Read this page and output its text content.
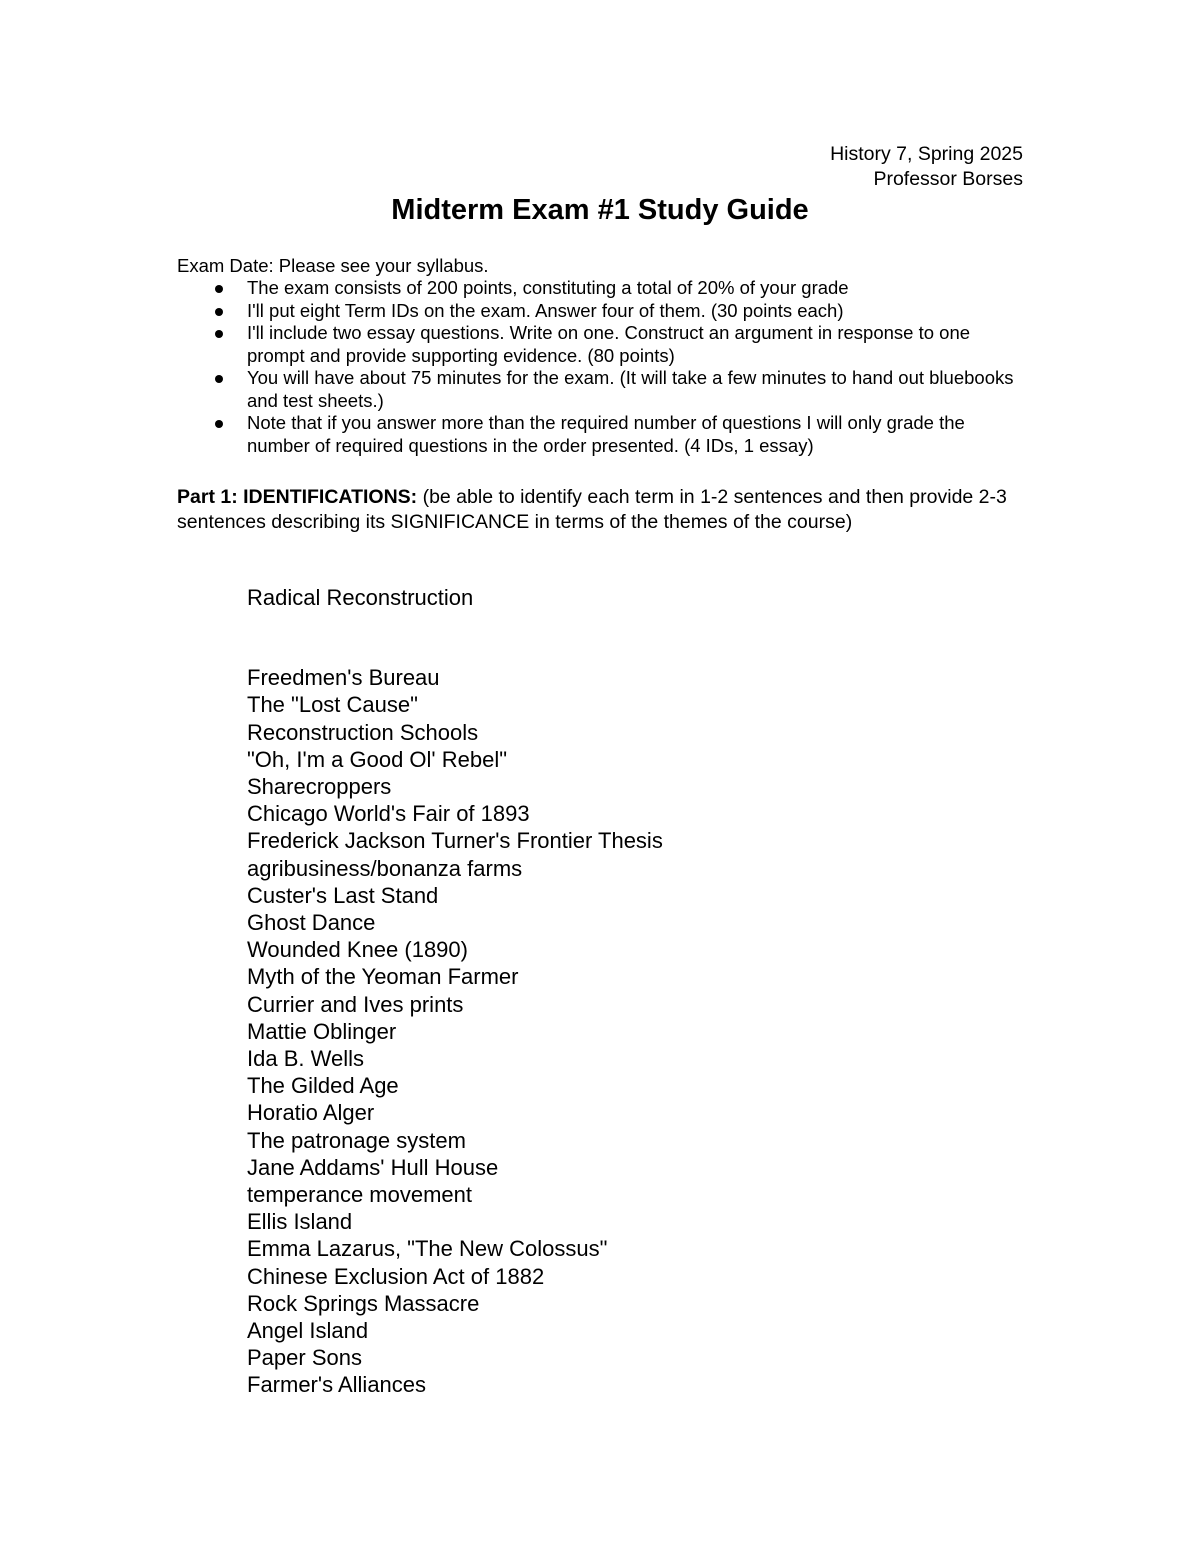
History 7, Spring 2025
Professor Borses
Midterm Exam #1 Study Guide
Exam Date: Please see your syllabus.
The exam consists of 200 points, constituting a total of 20% of your grade
I'll put eight Term IDs on the exam. Answer four of them. (30 points each)
I'll include two essay questions. Write on one. Construct an argument in response to one prompt and provide supporting evidence. (80 points)
You will have about 75 minutes for the exam. (It will take a few minutes to hand out bluebooks and test sheets.)
Note that if you answer more than the required number of questions I will only grade the number of required questions in the order presented. (4 IDs, 1 essay)

Part 1: IDENTIFICATIONS: (be able to identify each term in 1-2 sentences and then provide 2-3 sentences describing its SIGNIFICANCE in terms of the themes of the course)

Radical Reconstruction
Freedmen's Bureau
The "Lost Cause"
Reconstruction Schools
"Oh, I'm a Good Ol' Rebel"
Sharecroppers
Chicago World's Fair of 1893
Frederick Jackson Turner's Frontier Thesis
agribusiness/bonanza farms
Custer's Last Stand
Ghost Dance
Wounded Knee (1890)
Myth of the Yeoman Farmer
Currier and Ives prints
Mattie Oblinger
Ida B. Wells
The Gilded Age
Horatio Alger
The patronage system
Jane Addams' Hull House
temperance movement
Ellis Island
Emma Lazarus, "The New Colossus"
Chinese Exclusion Act of 1882
Rock Springs Massacre
Angel Island
Paper Sons
Farmer's Alliances
